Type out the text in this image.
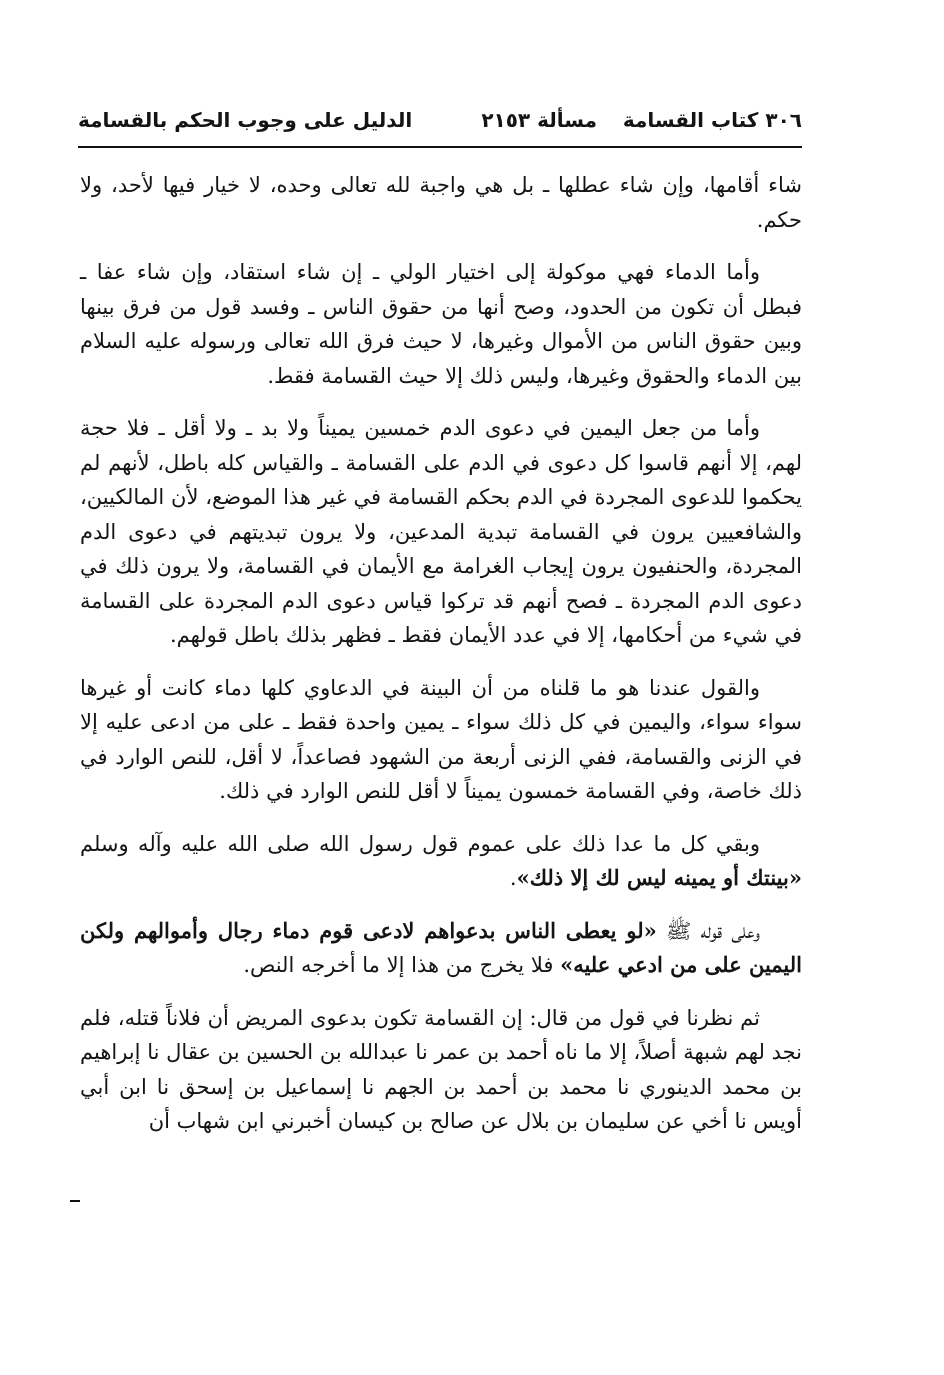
٣٠٦ كتاب القسامة
مسألة ٢١٥٣
الدليل على وجوب الحكم بالقسامة

شاء أقامها، وإن شاء عطلها ـ بل هي واجبة لله تعالى وحده، لا خيار فيها لأحد، ولا حكم.

وأما الدماء فهي موكولة إلى اختيار الولي ـ إن شاء استقاد، وإن شاء عفا ـ فبطل أن تكون من الحدود، وصح أنها من حقوق الناس ـ وفسد قول من فرق بينها وبين حقوق الناس من الأموال وغيرها، لا حيث فرق الله تعالى ورسوله عليه السلام بين الدماء والحقوق وغيرها، وليس ذلك إلا حيث القسامة فقط.

وأما من جعل اليمين في دعوى الدم خمسين يميناً ولا بد ـ ولا أقل ـ فلا حجة لهم، إلا أنهم قاسوا كل دعوى في الدم على القسامة ـ والقياس كله باطل، لأنهم لم يحكموا للدعوى المجردة في الدم بحكم القسامة في غير هذا الموضع، لأن المالكيين، والشافعيين يرون في القسامة تبدية المدعين، ولا يرون تبديتهم في دعوى الدم المجردة، والحنفيون يرون إيجاب الغرامة مع الأيمان في القسامة، ولا يرون ذلك في دعوى الدم المجردة ـ فصح أنهم قد تركوا قياس دعوى الدم المجردة على القسامة في شيء من أحكامها، إلا في عدد الأيمان فقط ـ فظهر بذلك باطل قولهم.

والقول عندنا هو ما قلناه من أن البينة في الدعاوي كلها دماء كانت أو غيرها سواء سواء، واليمين في كل ذلك سواء ـ يمين واحدة فقط ـ على من ادعى عليه إلا في الزنى والقسامة، ففي الزنى أربعة من الشهود فصاعداً، لا أقل، للنص الوارد في ذلك خاصة، وفي القسامة خمسون يميناً لا أقل للنص الوارد في ذلك.

وبقي كل ما عدا ذلك على عموم قول رسول الله صلى الله عليه وآله وسلم «بينتك أو يمينه ليس لك إلا ذلك».

وعلى قوله ﷺ «لو يعطى الناس بدعواهم لادعى قوم دماء رجال وأموالهم ولكن اليمين على من ادعي عليه» فلا يخرج من هذا إلا ما أخرجه النص.

ثم نظرنا في قول من قال: إن القسامة تكون بدعوى المريض أن فلاناً قتله، فلم نجد لهم شبهة أصلاً، إلا ما ناه أحمد بن عمر نا عبدالله بن الحسين بن عقال نا إبراهيم بن محمد الدينوري نا محمد بن أحمد بن الجهم نا إسماعيل بن إسحق نا ابن أبي أويس نا أخي عن سليمان بن بلال عن صالح بن كيسان أخبرني ابن شهاب أن
